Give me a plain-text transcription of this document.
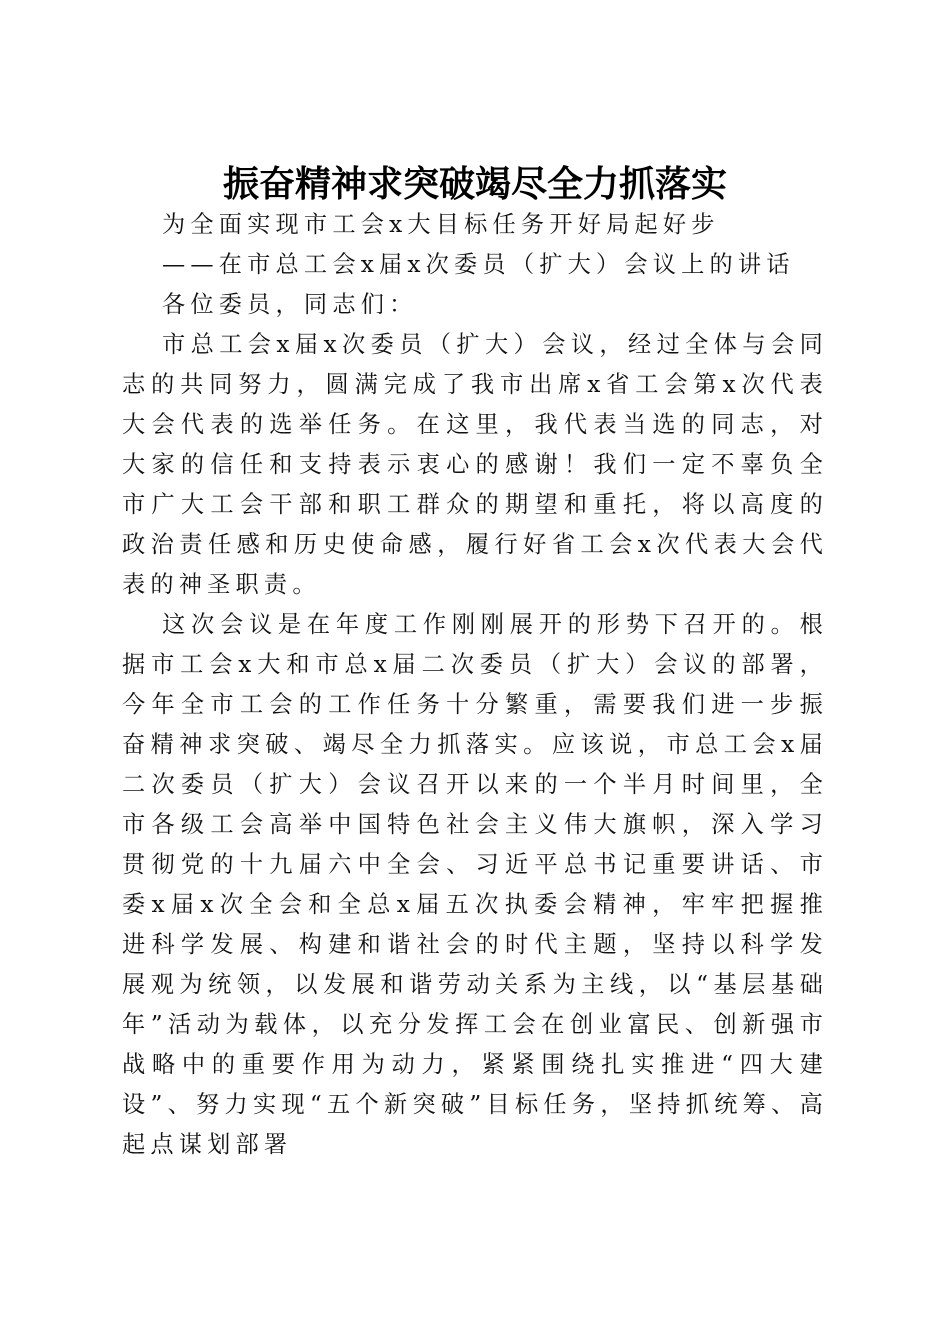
振奋精神求突破竭尽全力抓落实

为全面实现市工会x大目标任务开好局起好步

——在市总工会x届x次委员（扩大）会议上的讲话

各位委员，同志们：

市总工会x届x次委员（扩大）会议，经过全体与会同志的共同努力，圆满完成了我市出席x省工会第x次代表大会代表的选举任务。在这里，我代表当选的同志，对大家的信任和支持表示衷心的感谢！我们一定不辜负全市广大工会干部和职工群众的期望和重托，将以高度的政治责任感和历史使命感，履行好省工会x次代表大会代表的神圣职责。

这次会议是在年度工作刚刚展开的形势下召开的。根据市工会x大和市总x届二次委员（扩大）会议的部署，今年全市工会的工作任务十分繁重，需要我们进一步振奋精神求突破、竭尽全力抓落实。应该说，市总工会x届二次委员（扩大）会议召开以来的一个半月时间里，全市各级工会高举中国特色社会主义伟大旗帜，深入学习贯彻党的十九届六中全会、习近平总书记重要讲话、市委x届x次全会和全总x届五次执委会精神，牢牢把握推进科学发展、构建和谐社会的时代主题，坚持以科学发展观为统领，以发展和谐劳动关系为主线，以“基层基础年”活动为载体，以充分发挥工会在创业富民、创新强市战略中的重要作用为动力，紧紧围绕扎实推进“四大建设”、努力实现“五个新突破”目标任务，坚持抓统筹、高起点谋划部署
